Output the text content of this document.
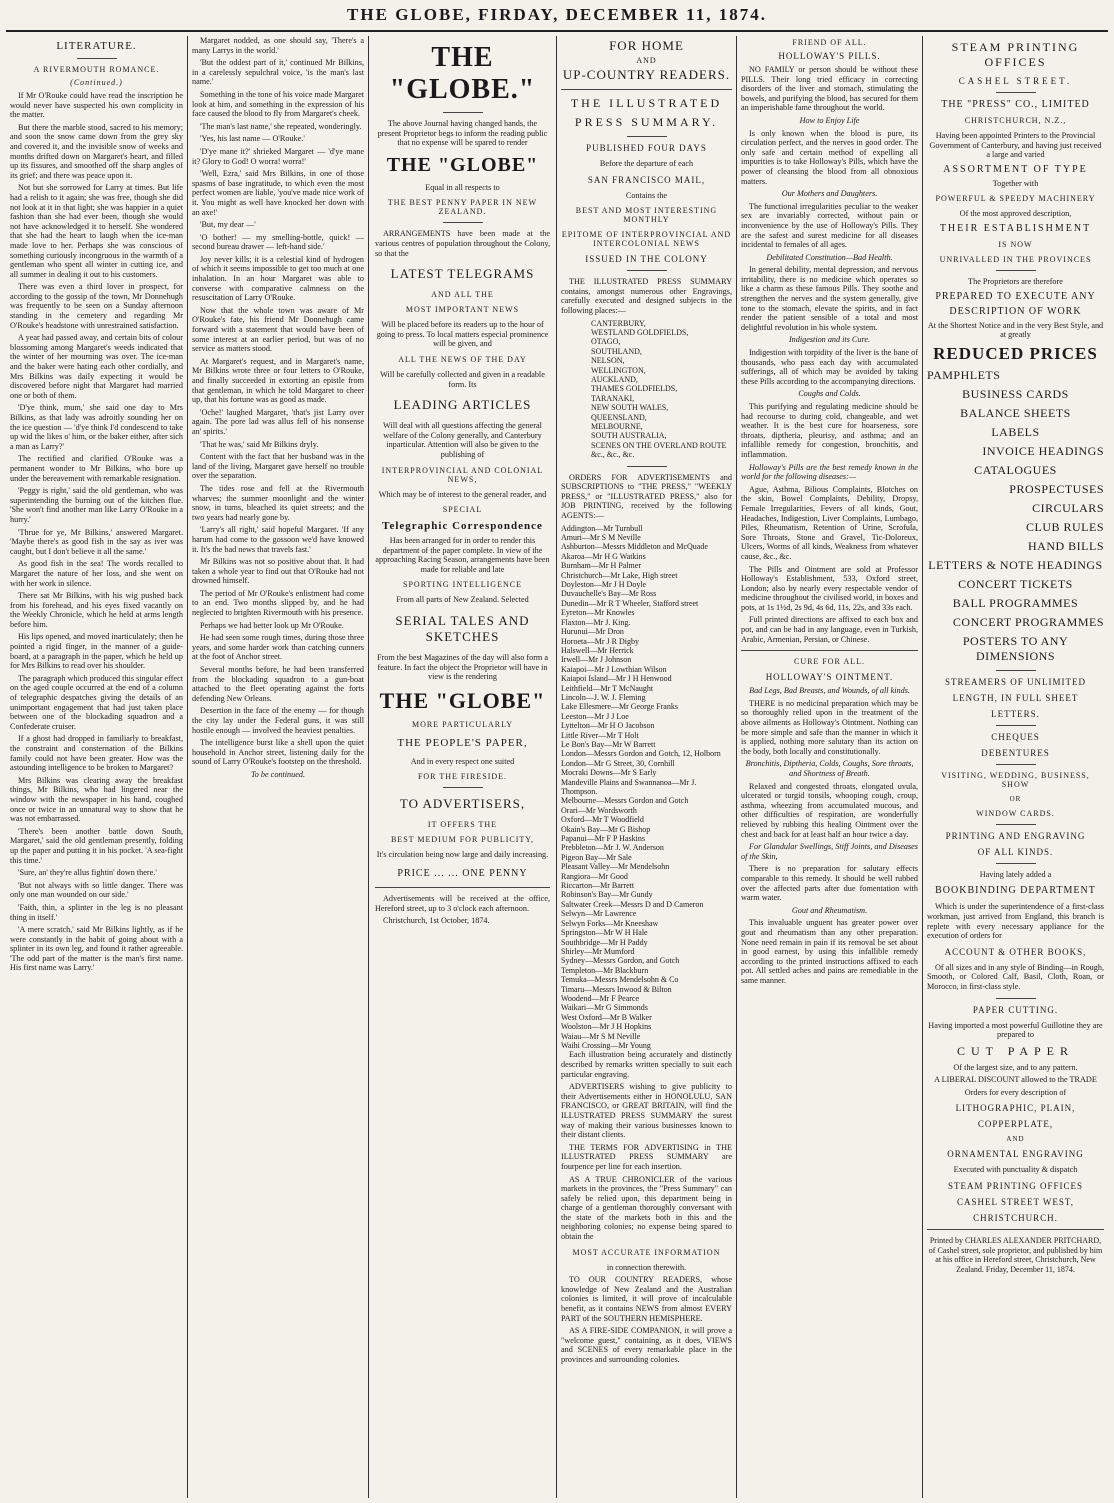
THE GLOBE, FIRDAY, DECEMBER 11, 1874.
LITERATURE.
A RIVERMOUTH ROMANCE.
(Continued.)

If Mr O'Rouke could have read the inscription he would never have suspected his own complicity in the matter.

But there the marble stood, sacred to his memory; and soon the snow came down from the grey sky and covered it, and the invisible snow of weeks and months drifted down on Margaret's heart, and filled up its fissures, and smoothed off the sharp angles of its grief; and there was peace upon it.

Not but she sorrowed for Larry at times. But life had a relish to it again; she was free, though she did not look at it in that light; she was happier in a quiet fashion than she had ever been, though she would not have acknowledged it to herself. She wondered that she had the heart to laugh when the ice-man made love to her. Perhaps she was conscious of something curiously incongruous in the warmth of a gentleman who spent all winter in cutting ice, and all summer in dealing it out to his customers.

There was even a third lover in prospect, for according to the gossip of the town, Mr Donnehugh was frequently to be seen on a Sunday afternoon standing in the cemetery and regarding Mr O'Rouke's headstone with unrestrained satisfaction.

A year had passed away, and certain bits of colour blossoming among Margaret's weeds indicated that the winter of her mourning was over. The ice-man and the baker were hating each other cordially, and Mrs Bilkins was daily expecting it would be discovered before night that Margaret had married one or both of them.

'D'ye think, mum,' she said one day to Mrs Bilkins, as that lady was adroitly sounding her on the ice question — 'd'ye think I'd condescend to take up wid the likes o' him, or the baker either, after sich a man as Larry?'

The rectified and clarified O'Rouke was a permanent wonder to Mr Bilkins, who bore up under the bereavement with remarkable resignation.

'Peggy is right,' said the old gentleman, who was superintending the burning out of the kitchen flue. 'She won't find another man like Larry O'Rouke in a hurry.'

'Thrue for ye, Mr Bilkins,' answered Margaret. 'Maybe there's as good fish in the say as iver was caught, but I don't believe it all the same.'

As good fish in the sea! The words recalled to Margaret the nature of her loss, and she went on with her work in silence.

There sat Mr Bilkins, with his wig pushed back from his forehead, and his eyes fixed vacantly on the Weekly Chronicle, which he held at arms length before him.

His lips opened, and moved inarticulately; then he pointed a rigid finger, in the manner of a guide-board, at a paragraph in the paper, which he held up for Mrs Bilkins to read over his shoulder.

The paragraph which produced this singular effect on the aged couple occurred at the end of a column of telegraphic despatches giving the details of an unimportant engagement that had just taken place between one of the blockading squadron and a Confederate cruiser.

If a ghost had dropped in familiarly to breakfast, the constraint and consternation of the Bilkins family could not have been greater. How was the astounding intelligence to be broken to Margaret?

Mrs Bilkins was clearing away the breakfast things, Mr Bilkins, who had lingered near the window with the newspaper in his hand, coughed once or twice in an unnatural way to show that he was not embarrassed.

'There's been another battle down South, Margaret,' said the old gentleman presently, folding up the paper and putting it in his pocket. 'A sea-fight this time.'

'Sure, an' they're allus fightin' down there.'

'But not always with so little danger. There was only one man wounded on our side.'

'Faith, thin, a splinter in the leg is no pleasant thing in itself.'

'A mere scratch,' said Mr Bilkins lightly, as if he were constantly in the habit of going about with a splinter in its own leg, and found it rather agreeable. 'The odd part of the matter is the man's first name. His first name was Larry.'

Margaret nodded, as one should say, 'There's a many Larrys in the world.'

'But the oddest part of it,' continued Mr Bilkins, in a carelessly sepulchral voice, 'is the man's last name.'

Something in the tone of his voice made Margaret look at him, and something in the expression of his face caused the blood to fly from Margaret's cheek.

'The man's last name,' she repeated, wonderingly.

'Yes, his last name — O'Rouke.'

'D'ye mane it?' shrieked Margaret — 'd'ye mane it? Glory to God! O worra! worra!'

'Well, Ezra,' said Mrs Bilkins, in one of those spasms of base ingratitude, to which even the most perfect women are liable, 'you've made nice work of it. You might as well have knocked her down with an axe!'

'But, my dear —'

'O bother! — my smelling-bottle, quick! — second bureau drawer — left-hand side.'

Joy never kills; it is a celestial kind of hydrogen of which it seems impossible to get too much at one inhalation. In an hour Margaret was able to converse with comparative calmness on the resuscitation of Larry O'Rouke.

Now that the whole town was aware of Mr O'Rouke's fate, his friend Mr Donnehugh came forward with a statement that would have been of some interest at an earlier period, but was of no service as matters stood.

At Margaret's request, and in Margaret's name, Mr Bilkins wrote three or four letters to O'Rouke, and finally succeeded in extorting an epistle from that gentleman, in which he told Margaret to cheer up, that his fortune was as good as made.

'Oche!' laughed Margaret, 'that's jist Larry over again. The pore lad was allus fell of his nonsense an' spirits.'

'That he was,' said Mr Bilkins dryly.

Content with the fact that her husband was in the land of the living, Margaret gave herself no trouble over the separation.

The tides rose and fell at the Rivermouth wharves; the summer moonlight and the winter snow, in turns, bleached its quiet streets; and the two years had nearly gone by.

'Larry's all right,' said hopeful Margaret. 'If any harum had come to the gossoon we'd have knowed it. It's the bad news that travels fast.'

Mr Bilkins was not so positive about that. It had taken a whole year to find out that O'Rouke had not drowned himself.

The period of Mr O'Rouke's enlistment had come to an end. Two months slipped by, and he had neglected to brighten Rivermouth with his presence.

Perhaps we had better look up Mr O'Rouke.

He had seen some rough times, during those three years, and some harder work than catching cunners at the foot of Anchor street.

Several months before, he had been transferred from the blockading squadron to a gun-boat attached to the fleet operating against the forts defending New Orleans.

Desertion in the face of the enemy — for though the city lay under the Federal guns, it was still hostile enough — involved the heaviest penalties.

The intelligence burst like a shell upon the quiet household in Anchor street, listening daily for the sound of Larry O'Rouke's footstep on the threshold.

To be continued.

THE "GLOBE."

The above Journal having changed hands, the present Proprietor begs to inform the reading public that no expense will be spared to render

THE "GLOBE"

Equal in all respects to

THE BEST PENNY PAPER IN NEW ZEALAND.

ARRANGEMENTS have been made at the various centres of population throughout the Colony, so that the

LATEST TELEGRAMS
AND ALL THE
MOST IMPORTANT NEWS

Will be placed before its readers up to the hour of going to press. To local matters especial prominence will be given, and

ALL THE NEWS OF THE DAY

Will be carefully collected and given in a readable form. Its

LEADING ARTICLES

Will deal with all questions affecting the general welfare of the Colony generally, and Canterbury inparticular. Attention will also be given to the publishing of

INTERPROVINCIAL AND COLONIAL NEWS,

Which may be of interest to the general reader, and

SPECIAL
Telegraphic Correspondence

Has been arranged for in order to render this department of the paper complete. In view of the approaching Racing Season, arrangements have been made for reliable and late

SPORTING INTELLIGENCE

From all parts of New Zealand. Selected

SERIAL TALES AND SKETCHES

From the best Magazines of the day will also form a feature. In fact the object the Proprietor will have in view is the rendering

THE "GLOBE"
MORE PARTICULARLY
THE PEOPLE'S PAPER,

And in every respect one suited

FOR THE FIRESIDE.
TO ADVERTISERS,
IT OFFERS THE
BEST MEDIUM FOR PUBLICITY,

It's circulation being now large and daily increasing.

PRICE ... ... ONE PENNY

Advertisements will be received at the office, Hereford street, up to 3 o'clock each afternoon.

Christchurch, 1st October, 1874.

FOR HOME
AND
UP-COUNTRY READERS.
THE ILLUSTRATED
PRESS SUMMARY.
PUBLISHED FOUR DAYS

Before the departure of each

SAN FRANCISCO MAIL,

Contains the

BEST AND MOST INTERESTING MONTHLY
EPITOME OF INTERPROVINCIAL AND INTERCOLONIAL NEWS
ISSUED IN THE COLONY

THE ILLUSTRATED PRESS SUMMARY contains, amongst numerous other Engravings, carefully executed and designed subjects in the following places:—

CANTERBURY,
WESTLAND GOLDFIELDS,
OTAGO,
SOUTHLAND,
NELSON,
WELLINGTON,
AUCKLAND,
THAMES GOLDFIELDS,
TARANAKI,
NEW SOUTH WALES,
QUEENSLAND,
MELBOURNE,
SOUTH AUSTRALIA,
SCENES ON THE OVERLAND ROUTE &c., &c., &c.

ORDERS FOR ADVERTISEMENTS and SUBSCRIPTIONS to "THE PRESS," "WEEKLY PRESS," or "ILLUSTRATED PRESS," also for JOB PRINTING, received by the following AGENTS:—

Addington—Mr Turnbull
Amuri—Mr S M Neville
Ashburton—Messrs Middleton and McQuade
Akaroa—Mr H G Watkins
Burnham—Mr H Palmer
Christchurch—Mr Lake, High street
Doyleston—Mr J H Doyle
Duvauchelle's Bay—Mr Ross
Dunedin—Mr R T Wheeler, Stafford street
Eyreton—Mr Knowles
Flaxton—Mr J. King.
Hurunui—Mr Dron
Horoeta—Mr J R Digby
Halswell—Mr Herrick
Irwell—Mr J Johnson
Kaiapoi—Mr J Lowthian Wilson
Kaiapoi Island—Mr J H Henwood
Leithfield—Mr T McNaught
Lincoln—J. W. J. Fleming
Lake Ellesmere—Mr George Franks
Leeston—Mr J J Loe
Lyttelton—Mr H O Jacobson
Little River—Mr T Holt
Le Bon's Bay—Mr W Barrett
London—Messrs Gordon and Gotch, 12, Holborn
London—Mr G Street, 30, Cornhill
Mocraki Downs—Mr S Early
Mandeville Plains and Swannanoa—Mr J. Thompson.
Melbourne—Messrs Gordon and Gotch
Orari—Mr Wordsworth
Oxford—Mr T Woodfield
Okain's Bay—Mr G Bishop
Papanui—Mr F P Haskins
Prebbleton—Mr J. W. Anderson
Pigeon Bay—Mr Sale
Pleasant Valley—Mr Mendelsohn
Rangiora—Mr Good
Riccarton—Mr Barrett
Robinson's Bay—Mr Gundy
Saltwater Creek—Messrs D and D Cameron
Selwyn—Mr Lawrence
Selwyn Forks—Mr Kneeshaw
Springston—Mr W H Hale
Southbridge—Mr H Paddy
Shirley—Mr Mumford
Sydney—Messrs Gordon, and Gotch
Templeton—Mr Blackburn
Temuka—Messrs Mendelsohn & Co
Timaru—Messrs Inwood & Bilton
Woodend—Mr F Pearce
Waikari—Mr G Simmonds
West Oxford—Mr B Walker
Woolston—Mr J H Hopkins
Waiau—Mr S M Neville
Waihi Crossing—Mr Young

Each illustration being accurately and distinctly described by remarks written specially to suit each particular engraving.

ADVERTISERS wishing to give publicity to their Advertisements either in HONOLULU, SAN FRANCISCO, or GREAT BRITAIN, will find the ILLUSTRATED PRESS SUMMARY the surest way of making their various businesses known to their distant clients.

THE TERMS FOR ADVERTISING in THE ILLUSTRATED PRESS SUMMARY are fourpence per line for each insertion.

AS A TRUE CHRONICLER of the various markets in the provinces, the "Press Summary" can safely be relied upon, this department being in charge of a gentleman thoroughly conversant with the state of the markets both in this and the neighboring colonies; no expense being spared to obtain the

MOST ACCURATE INFORMATION

in connection therewith.

TO OUR COUNTRY READERS, whose knowledge of New Zealand and the Australian colonies is limited, it will prove of incalculable benefit, as it contains NEWS from almost EVERY PART of the SOUTHERN HEMISPHERE.

AS A FIRE-SIDE COMPANION, it will prove a "welcome guest," containing, as it does, VIEWS and SCENES of every remarkable place in the provinces and surrounding colonies.

FRIEND OF ALL.
HOLLOWAY'S PILLS.

NO FAMILY or person should be without these PILLS. Their long tried efficacy in correcting disorders of the liver and stomach, stimulating the bowels, and purifying the blood, has secured for them an imperishable fame throughout the world.

How to Enjoy Life

Is only known when the blood is pure, its circulation perfect, and the nerves in good order. The only safe and certain method of expelling all impurities is to take Holloway's Pills, which have the power of cleansing the blood from all obnoxious matters.

Our Mothers and Daughters.

The functional irregularities peculiar to the weaker sex are invariably corrected, without pain or inconvenience by the use of Holloway's Pills. They are the safest and surest medicine for all diseases incidental to females of all ages.

Debilitated Constitution—Bad Health.

In general debility, mental depression, and nervous irritability, there is no medicine which operates so like a charm as these famous Pills. They soothe and strengthen the nerves and the system generally, give tone to the stomach, elevate the spirits, and in fact render the patient sensible of a total and most delightful revolution in his whole system.

Indigestion and its Cure.

Indigestion with torpidity of the liver is the bane of thousands, who pass each day with accumulated sufferings, all of which may be avoided by taking these Pills according to the accompanying directions.

Coughs and Colds.

This purifying and regulating medicine should be had recourse to during cold, changeable, and wet weather. It is the best cure for hoarseness, sore throats, diptheria, pleurisy, and asthma; and an infallible remedy for congestion, bronchitis, and inflammation.

Holloway's Pills are the best remedy known in the world for the following diseases:—

Ague, Asthma, Bilious Complaints, Blotches on the skin, Bowel Complaints, Debility, Dropsy, Female Irregularities, Fevers of all kinds, Gout, Headaches, Indigestion, Liver Complaints, Lumbago, Piles, Rheumatism, Retention of Urine, Scrofula, Sore Throats, Stone and Gravel, Tic-Doloreux, Ulcers, Worms of all kinds, Weakness from whatever cause, &c., &c.

The Pills and Ointment are sold at Professor Holloway's Establishment, 533, Oxford street, London; also by nearly every respectable vendor of medicine throughout the civilised world, in boxes and pots, at 1s 1½d, 2s 9d, 4s 6d, 11s, 22s, and 33s each.

Full printed directions are affixed to each box and pot, and can be had in any language, even in Turkish, Arabic, Armenian, Persian, or Chinese.

CURE FOR ALL.
HOLLOWAY'S OINTMENT.

Bad Legs, Bad Breasts, and Wounds, of all kinds.

THERE is no medicinal preparation which may be so thoroughly relied upon in the treatment of the above ailments as Holloway's Ointment. Nothing can be more simple and safe than the manner in which it is applied, nothing more salutary than its action on the body, both locally and constitutionally.

Bronchitis, Diptheria, Colds, Coughs, Sore throats, and Shortness of Breath.

Relaxed and congested throats, elongated uvula, ulcerated or turgid tonsils, whooping cough, croup, asthma, wheezing from accumulated mucous, and other difficulties of respiration, are wonderfully relieved by rubbing this healing Ointment over the chest and back for at least half an hour twice a day.

For Glandular Swellings, Stiff Joints, and Diseases of the Skin,

There is no preparation for salutary effects comparable to this remedy. It should be well rubbed over the affected parts after due fomentation with warm water.

Gout and Rheumatism.

This invaluable unguent has greater power over gout and rheumatism than any other preparation. None need remain in pain if its removal be set about in good earnest, by using this infallible remedy according to the printed instructions affixed to each pot. All settled aches and pains are remediable in the same manner.

STEAM PRINTING OFFICES
CASHEL STREET.
THE "PRESS" CO., LIMITED
CHRISTCHURCH, N.Z.,

Having been appointed Printers to the Provincial Government of Canterbury, and having just received a large and varied

ASSORTMENT OF TYPE

Together with

POWERFUL & SPEEDY MACHINERY

Of the most approved description,

THEIR ESTABLISHMENT
IS NOW
UNRIVALLED IN THE PROVINCES

The Proprietors are therefore

PREPARED TO EXECUTE ANY
DESCRIPTION OF WORK

At the Shortest Notice and in the very Best Style, and at greatly

REDUCED PRICES
PAMPHLETS
BUSINESS CARDS
BALANCE SHEETS
LABELS
INVOICE HEADINGS
CATALOGUES
PROSPECTUSES
CIRCULARS
CLUB RULES
HAND BILLS
LETTERS & NOTE HEADINGS
CONCERT TICKETS
BALL PROGRAMMES
CONCERT PROGRAMMES
POSTERS TO ANY DIMENSIONS
STREAMERS OF UNLIMITED
LENGTH, IN FULL SHEET
LETTERS.
CHEQUES
DEBENTURES
VISITING, WEDDING, BUSINESS, SHOW
OR
WINDOW CARDS.
PRINTING AND ENGRAVING
OF ALL KINDS.

Having lately added a

BOOKBINDING DEPARTMENT

Which is under the superintendence of a first-class workman, just arrived from England, this branch is replete with every necessary appliance for the execution of orders for

ACCOUNT & OTHER BOOKS,

Of all sizes and in any style of Binding—in Rough, Smooth, or Colored Calf, Basil, Cloth, Roan, or Morocco, in first-class style.

PAPER CUTTING.

Having imported a most powerful Guillotine they are prepared to

CUT PAPER

Of the largest size, and to any pattern.

A LIBERAL DISCOUNT allowed to the TRADE

Orders for every description of

LITHOGRAPHIC, PLAIN,
COPPERPLATE,
AND
ORNAMENTAL ENGRAVING

Executed with punctuality & dispatch

STEAM PRINTING OFFICES
CASHEL STREET WEST,
CHRISTCHURCH.

Printed by CHARLES ALEXANDER PRITCHARD, of Cashel street, sole proprietor, and published by him at his office in Hereford street, Christchurch, New Zealand. Friday, December 11, 1874.
